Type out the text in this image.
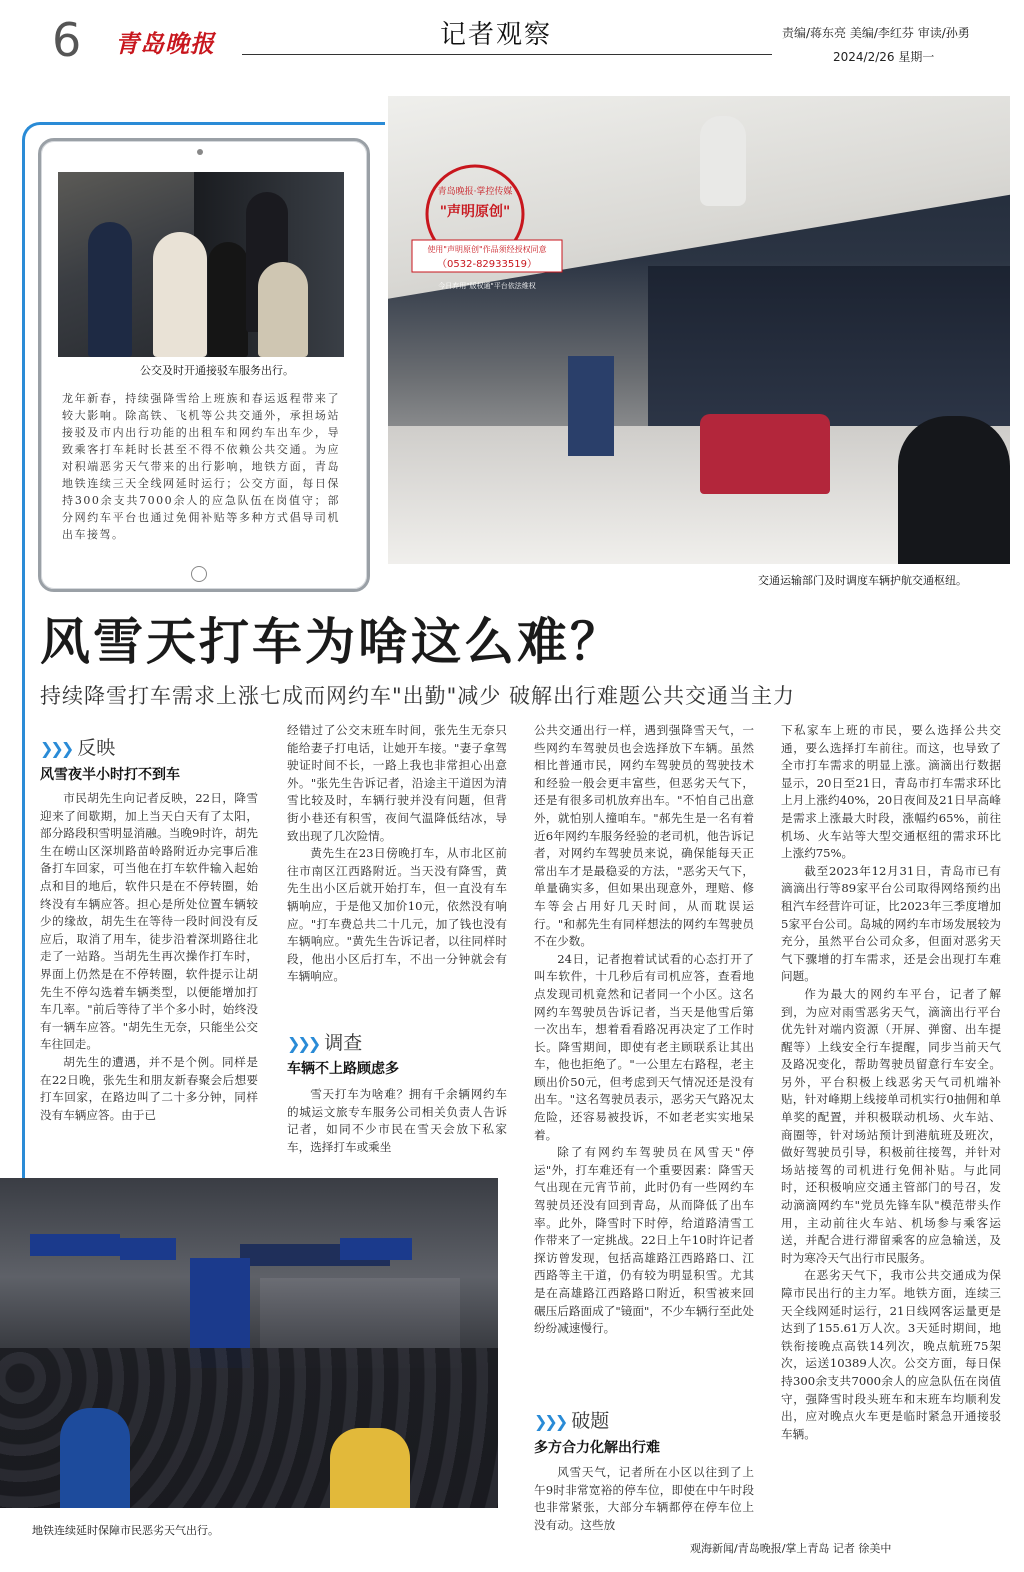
6 青岛晚报	记者观察	责编/蒋东亮 美编/李红芬 审读/孙勇
2024/2/26 星期一
公交及时开通接驳车服务出行。
龙年新春，持续强降雪给上班族和春运返程带来了较大影响。除高铁、飞机等公共交通外，承担场站接驳及市内出行功能的出租车和网约车出车少，导致乘客打车耗时长甚至不得不依赖公共交通。为应对积端恶劣天气带来的出行影响，地铁方面，青岛地铁连续三天全线网延时运行；公交方面，每日保持300余支共7000余人的应急队伍在岗值守；部分网约车平台也通过免佣补贴等多种方式倡导司机出车接驾。
青岛晚报·掌控传媒
"声明原创"
使用"声明原创"作品须经授权同意
（0532-82933519）
今日弃用"版权通"平台依法维权
交通运输部门及时调度车辆护航交通枢纽。
风雪天打车为啥这么难？
持续降雪打车需求上涨七成而网约车"出勤"减少 破解出行难题公共交通当主力
❯❯❯ 反映
风雪夜半小时打不到车

市民胡先生向记者反映，22日，降雪迎来了间歇期，加上当天白天有了太阳，部分路段积雪明显消融。当晚9时许，胡先生在崂山区深圳路苗岭路附近办完事后准备打车回家，可当他在打车软件输入起始点和目的地后，软件只是在不停转圈，始终没有车辆应答。担心是所处位置车辆较少的缘故，胡先生在等待一段时间没有反应后，取消了用车，徒步沿着深圳路往北走了一站路。当胡先生再次操作打车时，界面上仍然是在不停转圈，软件提示让胡先生不停勾选着车辆类型，以便能增加打车几率。"前后等待了半个多小时，始终没有一辆车应答。"胡先生无奈，只能坐公交车往回走。

胡先生的遭遇，并不是个例。同样是在22日晚，张先生和朋友新春聚会后想要打车回家，在路边叫了二十多分钟，同样没有车辆应答。由于已

经错过了公交末班车时间，张先生无奈只能给妻子打电话，让她开车接。"妻子拿驾驶证时间不长，一路上我也非常担心出意外。"张先生告诉记者，沿途主干道因为清雪比较及时，车辆行驶并没有问题，但背街小巷还有积雪，夜间气温降低结冰，导致出现了几次险情。

黄先生在23日傍晚打车，从市北区前往市南区江西路附近。当天没有降雪，黄先生出小区后就开始打车，但一直没有车辆响应，于是他又加价10元，依然没有响应。"打车费总共二十几元，加了钱也没有车辆响应。"黄先生告诉记者，以往同样时段，他出小区后打车，不出一分钟就会有车辆响应。

❯❯❯ 调查
车辆不上路顾虑多

雪天打车为啥难？拥有千余辆网约车的城运文旅专车服务公司相关负责人告诉记者，如同不少市民在雪天会放下私家车，选择打车或乘坐

公共交通出行一样，遇到强降雪天气，一些网约车驾驶员也会选择放下车辆。虽然相比普通市民，网约车驾驶员的驾驶技术和经验一般会更丰富些，但恶劣天气下，还是有很多司机放弃出车。"不怕自己出意外，就怕别人撞咱车。"郝先生是一名有着近6年网约车服务经验的老司机，他告诉记者，对网约车驾驶员来说，确保能每天正常出车才是最稳妥的方法，"恶劣天气下，单量确实多，但如果出现意外，理赔、修车等会占用好几天时间，从而耽误运行。"和郝先生有同样想法的网约车驾驶员不在少数。

24日，记者抱着试试看的心态打开了叫车软件，十几秒后有司机应答，查看地点发现司机竟然和记者同一个小区。这名网约车驾驶员告诉记者，当天是他雪后第一次出车，想着看看路况再决定了工作时长。降雪期间，即使有老主顾联系让其出车，他也拒绝了。"一公里左右路程，老主顾出价50元，但考虑到天气情况还是没有出车。"这名驾驶员表示，恶劣天气路况太危险，还容易被投诉，不如老老实实地呆着。

除了有网约车驾驶员在风雪天"停运"外，打车难还有一个重要因素：降雪天气出现在元宵节前，此时仍有一些网约车驾驶员还没有回到青岛，从而降低了出车率。此外，降雪时下时停，给道路清雪工作带来了一定挑战。22日上午10时许记者探访曾发现，包括高雄路江西路路口、江西路等主干道，仍有较为明显积雪。尤其是在高雄路江西路路口附近，积雪被来回碾压后路面成了"镜面"，不少车辆行至此处纷纷减速慢行。

❯❯❯ 破题
多方合力化解出行难

风雪天气，记者所在小区以往到了上午9时非常宽裕的停车位，即使在中午时段也非常紧张，大部分车辆都停在停车位上没有动。这些放

下私家车上班的市民，要么选择公共交通，要么选择打车前往。而这，也导致了全市打车需求的明显上涨。滴滴出行数据显示，20日至21日，青岛市打车需求环比上月上涨约40%，20日夜间及21日早高峰是需求上涨最大时段，涨幅约65%，前往机场、火车站等大型交通枢纽的需求环比上涨约75%。

截至2023年12月31日，青岛市已有滴滴出行等89家平台公司取得网络预约出租汽车经营许可证，比2023年三季度增加5家平台公司。岛城的网约车市场发展较为充分，虽然平台公司众多，但面对恶劣天气下骤增的打车需求，还是会出现打车难问题。

作为最大的网约车平台，记者了解到，为应对雨雪恶劣天气，滴滴出行平台优先针对端内资源（开屏、弹窗、出车提醒等）上线安全行车提醒，同步当前天气及路况变化，帮助驾驶员留意行车安全。另外，平台积极上线恶劣天气司机端补贴，针对峰期上线接单司机实行0抽佣和单单奖的配置，并积极联动机场、火车站、商圈等，针对场站预计到港航班及班次，做好驾驶员引导，积极前往接驾，并针对场站接驾的司机进行免佣补贴。与此同时，还积极响应交通主管部门的号召，发动滴滴网约车"党员先锋车队"模范带头作用，主动前往火车站、机场参与乘客运送，并配合进行滞留乘客的应急输送，及时为寒冷天气出行市民服务。

在恶劣天气下，我市公共交通成为保障市民出行的主力军。地铁方面，连续三天全线网延时运行，21日线网客运量更是达到了155.61万人次。3天延时期间，地铁衔接晚点高铁14列次，晚点航班75架次，运送10389人次。公交方面，每日保持300余支共7000余人的应急队伍在岗值守，强降雪时段头班车和末班车均顺利发出，应对晚点火车更是临时紧急开通接驳车辆。

地铁连续延时保障市民恶劣天气出行。
观海新闻/青岛晚报/掌上青岛 记者 徐美中
